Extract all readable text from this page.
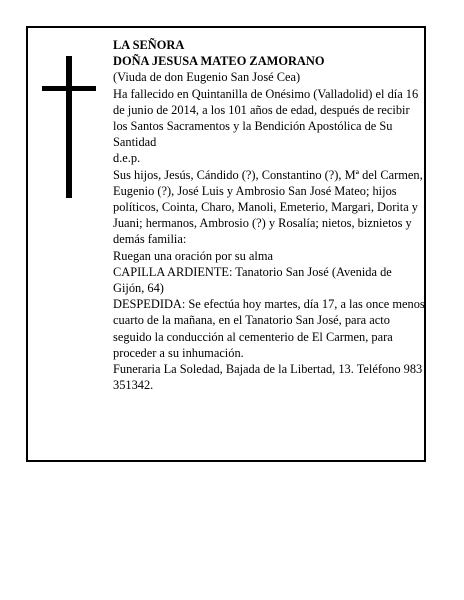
LA SEÑORA

DOÑA JESUSA MATEO ZAMORANO

(Viuda de don Eugenio San José Cea)

Ha fallecido en Quintanilla de Onésimo (Valladolid) el día 16 de junio de 2014, a los 101 años de edad, después de recibir los Santos Sacramentos y la Bendición Apostólica de Su Santidad

d.e.p.

Sus hijos, Jesús, Cándido (?), Constantino (?), Mª del Carmen, Eugenio (?), José Luis y Ambrosio San José Mateo; hijos políticos, Cointa, Charo, Manoli, Emeterio, Margari, Dorita y Juani; hermanos, Ambrosio (?) y Rosalía; nietos, biznietos y demás familia:

Ruegan una oración por su alma

CAPILLA ARDIENTE: Tanatorio San José (Avenida de Gijón, 64)

DESPEDIDA: Se efectúa hoy martes, día 17, a las once menos cuarto de la mañana, en el Tanatorio San José, para acto seguido la conducción al cementerio de El Carmen, para proceder a su inhumación.

Funeraria La Soledad, Bajada de la Libertad, 13. Teléfono 983 351342.
